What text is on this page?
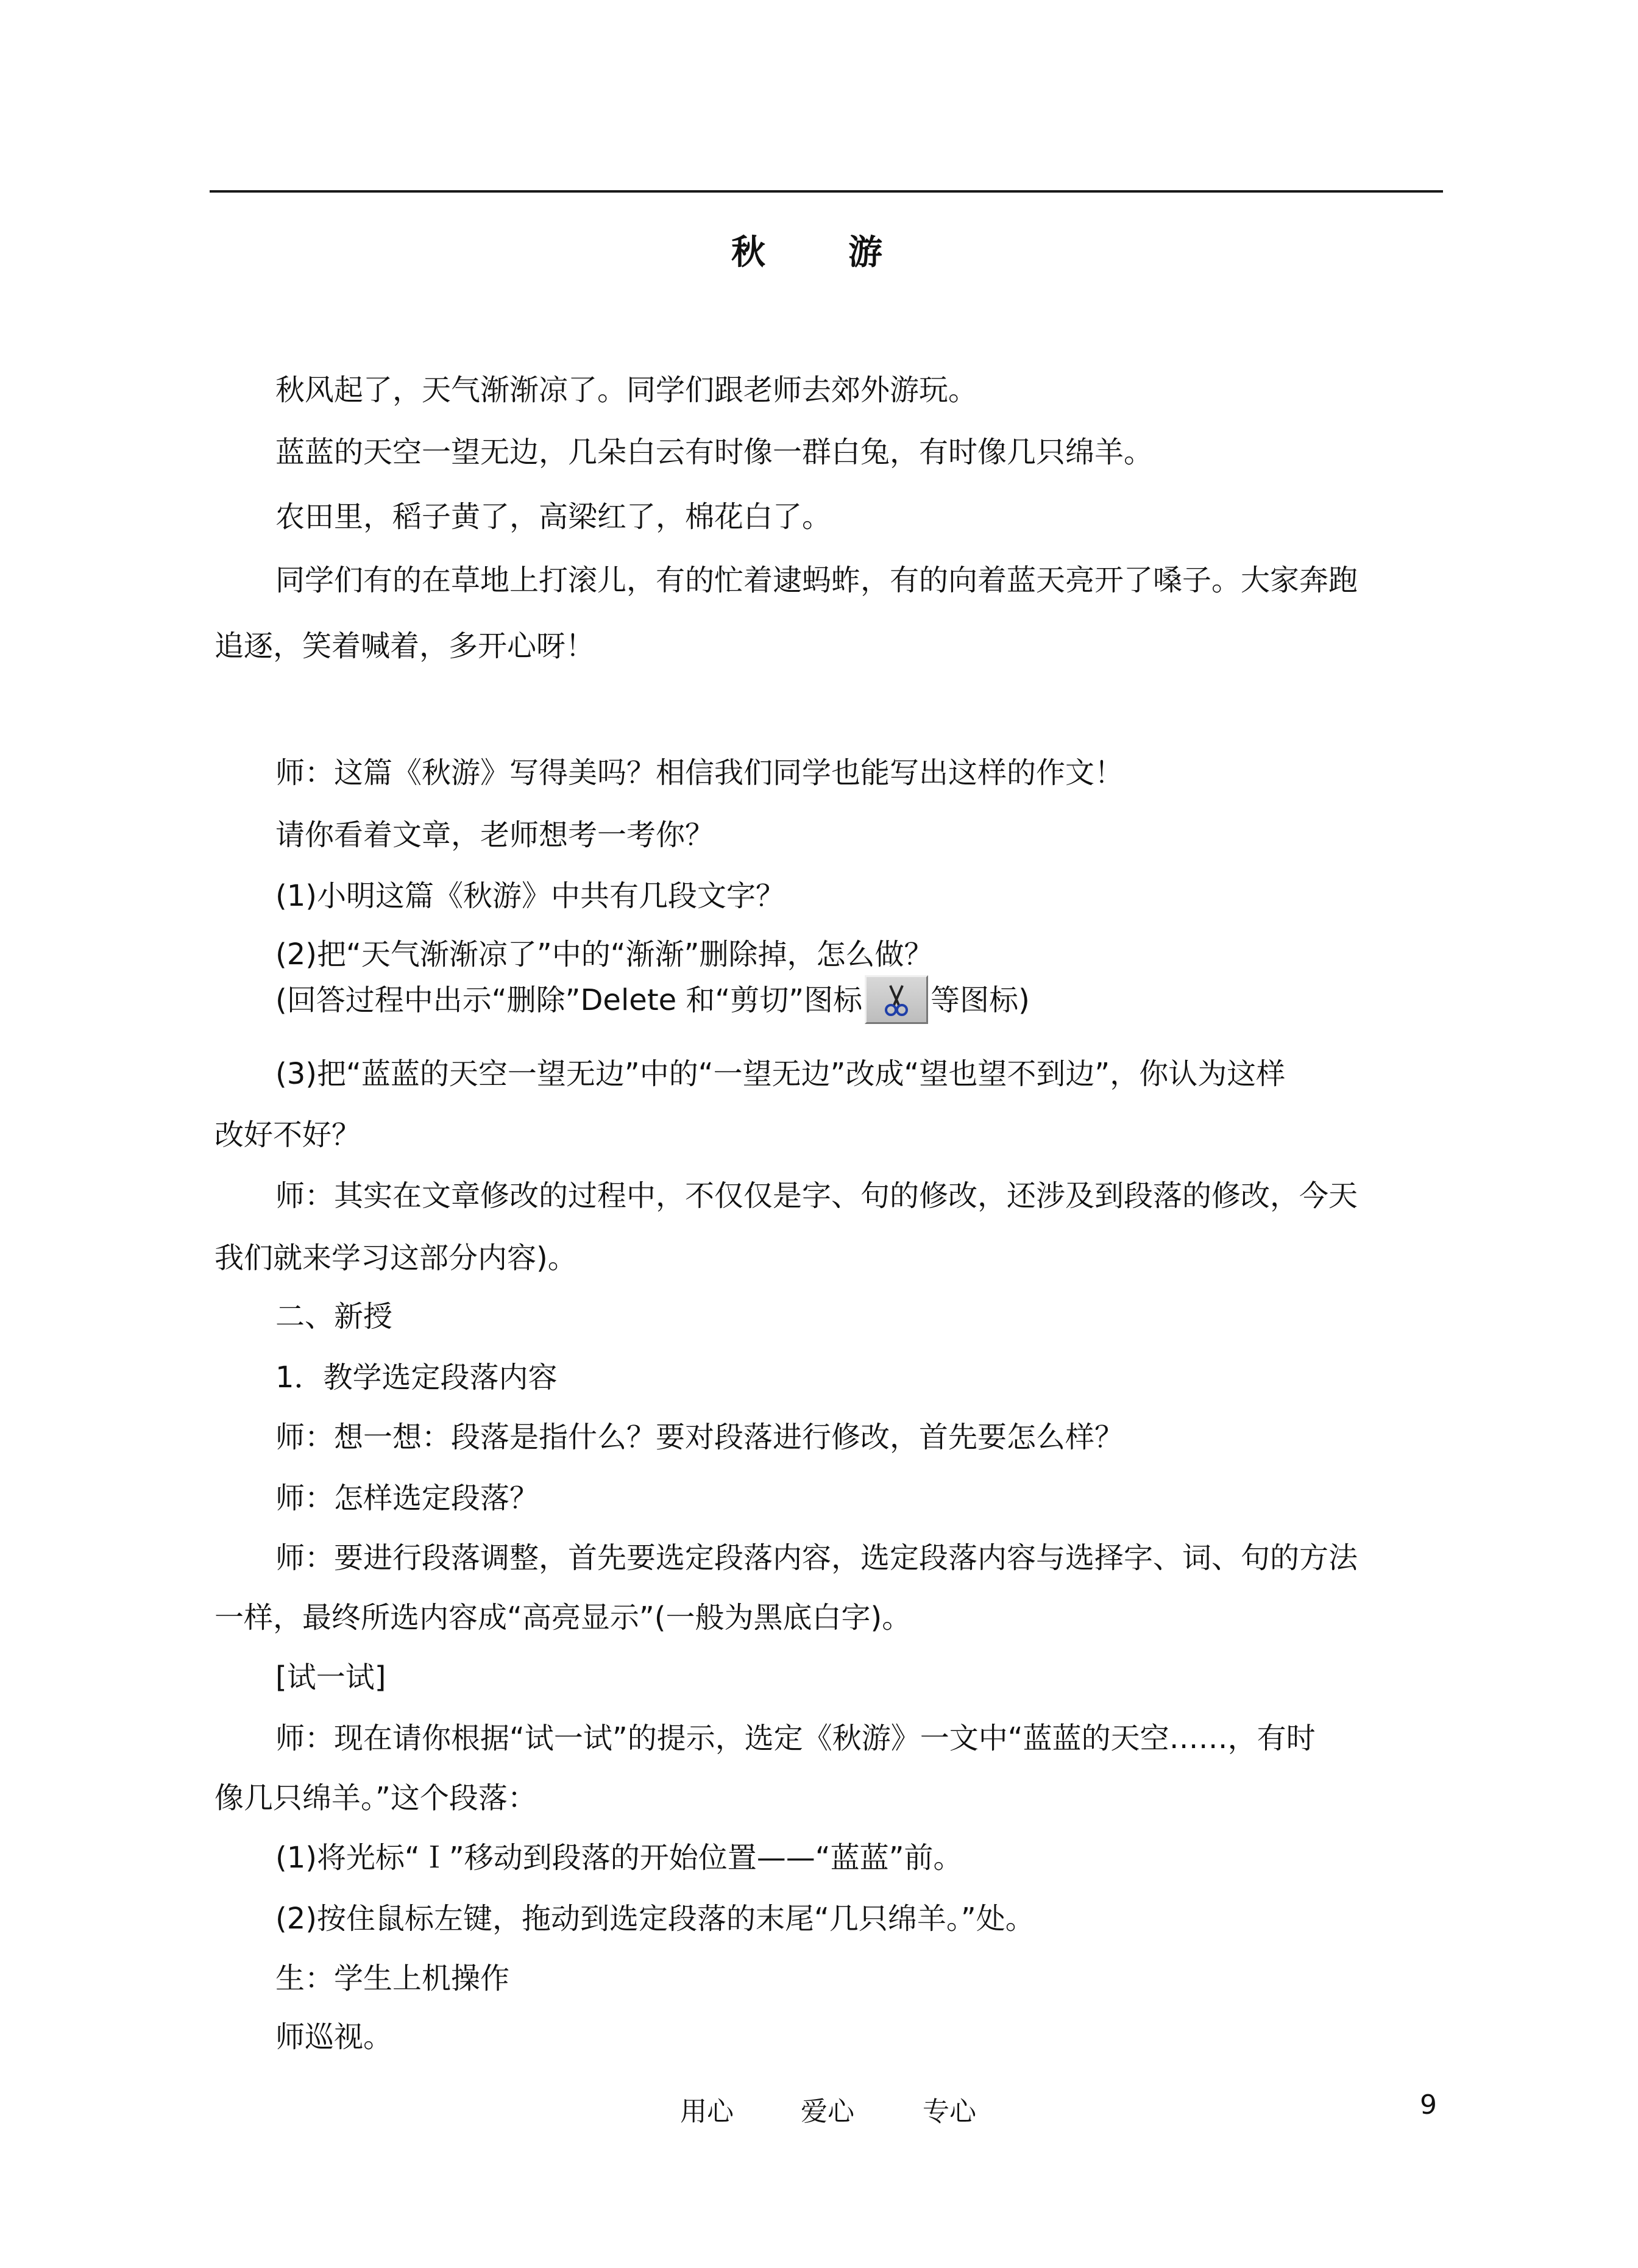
秋　游
秋风起了，天气渐渐凉了。同学们跟老师去郊外游玩。
蓝蓝的天空一望无边，几朵白云有时像一群白兔，有时像几只绵羊。
农田里，稻子黄了，高梁红了，棉花白了。
同学们有的在草地上打滚儿，有的忙着逮蚂蚱，有的向着蓝天亮开了嗓子。大家奔跑
追逐，笑着喊着，多开心呀！
师：这篇《秋游》写得美吗？相信我们同学也能写出这样的作文！
请你看着文章，老师想考一考你？
(1)小明这篇《秋游》中共有几段文字？
(2)把“天气渐渐凉了”中的“渐渐”删除掉，怎么做？
(回答过程中出示“删除”Delete 和“剪切”图标 等图标)
(3)把“蓝蓝的天空一望无边”中的“一望无边”改成“望也望不到边”，你认为这样
改好不好？
师：其实在文章修改的过程中，不仅仅是字、句的修改，还涉及到段落的修改，今天
我们就来学习这部分内容)。
二、新授
1．教学选定段落内容
师：想一想：段落是指什么？要对段落进行修改，首先要怎么样？
师：怎样选定段落？
师：要进行段落调整，首先要选定段落内容，选定段落内容与选择字、词、句的方法
一样，最终所选内容成“高亮显示”(一般为黑底白字)。
[试一试]
师：现在请你根据“试一试”的提示，选定《秋游》一文中“蓝蓝的天空……，有时
像几只绵羊。”这个段落：
(1)将光标“Ｉ”移动到段落的开始位置——“蓝蓝”前。
(2)按住鼠标左键，拖动到选定段落的末尾“几只绵羊。”处。
生：学生上机操作
师巡视。
用心	爱心	专心	9
